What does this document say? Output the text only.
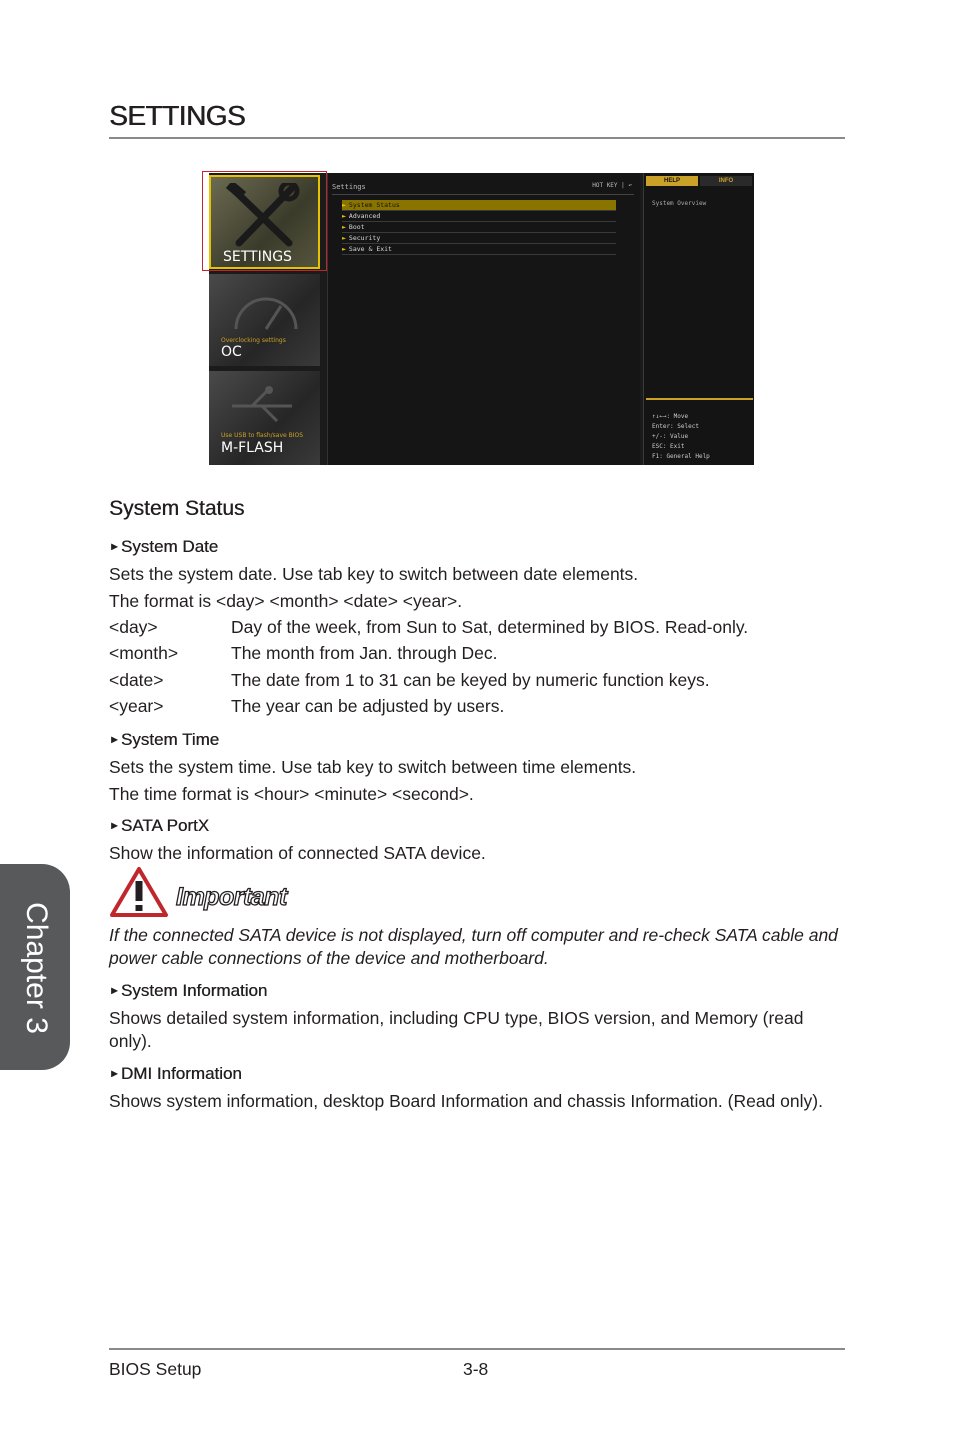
SETTINGS
SETTINGS
Overclocking settings
OC
Use USB to flash/save BIOS
M-FLASH
Settings	HOT KEY | ↶
► System Status
► Advanced
► Boot
► Security
► Save & Exit
HELP	INFO
System Overview
↑↓←→: Move
Enter: Select
+/-: Value
ESC: Exit
F1: General Help
System Status
►System Date
Sets the system date. Use tab key to switch between date elements.
The format is <day> <month> <date> <year>.
<day>	Day of the week, from Sun to Sat, determined by BIOS. Read-only.
<month>	The month from Jan. through Dec.
<date>	The date from 1 to 31 can be keyed by numeric function keys.
<year>	The year can be adjusted by users.
►System Time
Sets the system time. Use tab key to switch between time elements.
The time format is <hour> <minute> <second>.
►SATA PortX
Show the information of connected SATA device.
Important
If the connected SATA device is not displayed, turn off computer and re-check SATA cable and power cable connections of the device and motherboard.
►System Information
Shows detailed system information, including CPU type, BIOS version, and Memory (read only).
►DMI Information
Shows system information, desktop Board Information and chassis Information. (Read only).
Chapter 3
BIOS Setup	3-8
